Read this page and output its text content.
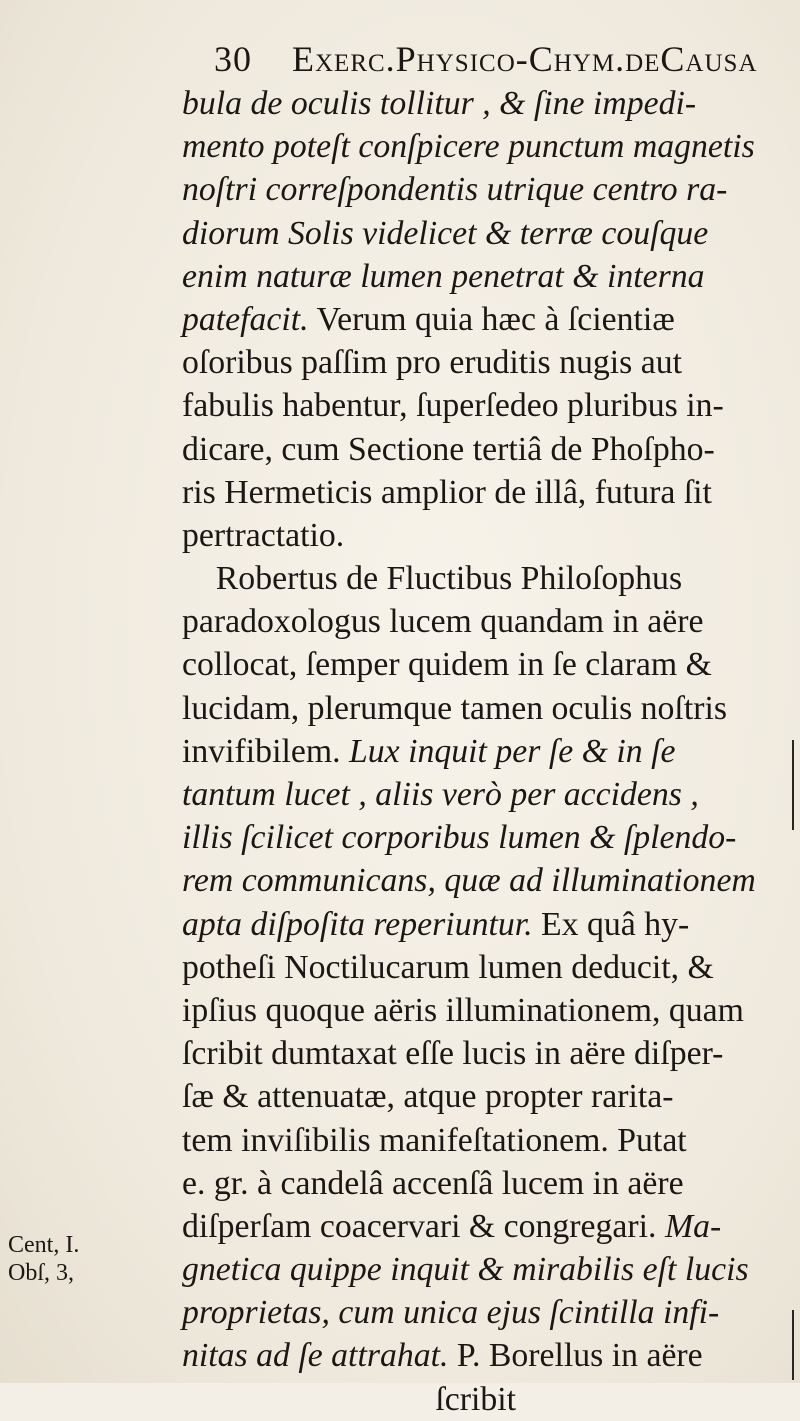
30 Exerc.Physico-Chym.deCausa
bula de oculis tollitur , & ſine impedi-
mento poteſt conſpicere punctum magnetis
noſtri correſpondentis utrique centro ra-
diorum Solis videlicet & terræ couſque
enim naturæ lumen penetrat & interna
patefacit. Verum quia hæc à ſcientiæ
oſoribus paſſim pro eruditis nugis aut
fabulis habentur, ſuperſedeo pluribus in-
dicare, cum Sectione tertiâ de Phoſpho-
ris Hermeticis amplior de illâ, futura ſit
pertractatio.
Robertus de Fluctibus Philoſophus
paradoxologus lucem quandam in aëre
collocat, ſemper quidem in ſe claram &
lucidam, plerumque tamen oculis noſtris
invifibilem. Lux inquit per ſe & in ſe
tantum lucet , aliis verò per accidens ,
illis ſcilicet corporibus lumen & ſplendo-
rem communicans, quæ ad illuminationem
apta diſpoſita reperiuntur. Ex quâ hy-
potheſi Noctilucarum lumen deducit, &
ipſius quoque aëris illuminationem, quam
ſcribit dumtaxat eſſe lucis in aëre diſper-
ſæ & attenuatæ, atque propter rarita-
tem inviſibilis manifeſtationem. Putat
e. gr. à candelâ accenſâ lucem in aëre
diſperſam coacervari & congregari. Ma-
gnetica quippe inquit & mirabilis eſt lucis
proprietas, cum unica ejus ſcintilla infi-
nitas ad ſe attrahat. P. Borellus in aëre
ſcribit
Cent, I.
Obſ, 3,
